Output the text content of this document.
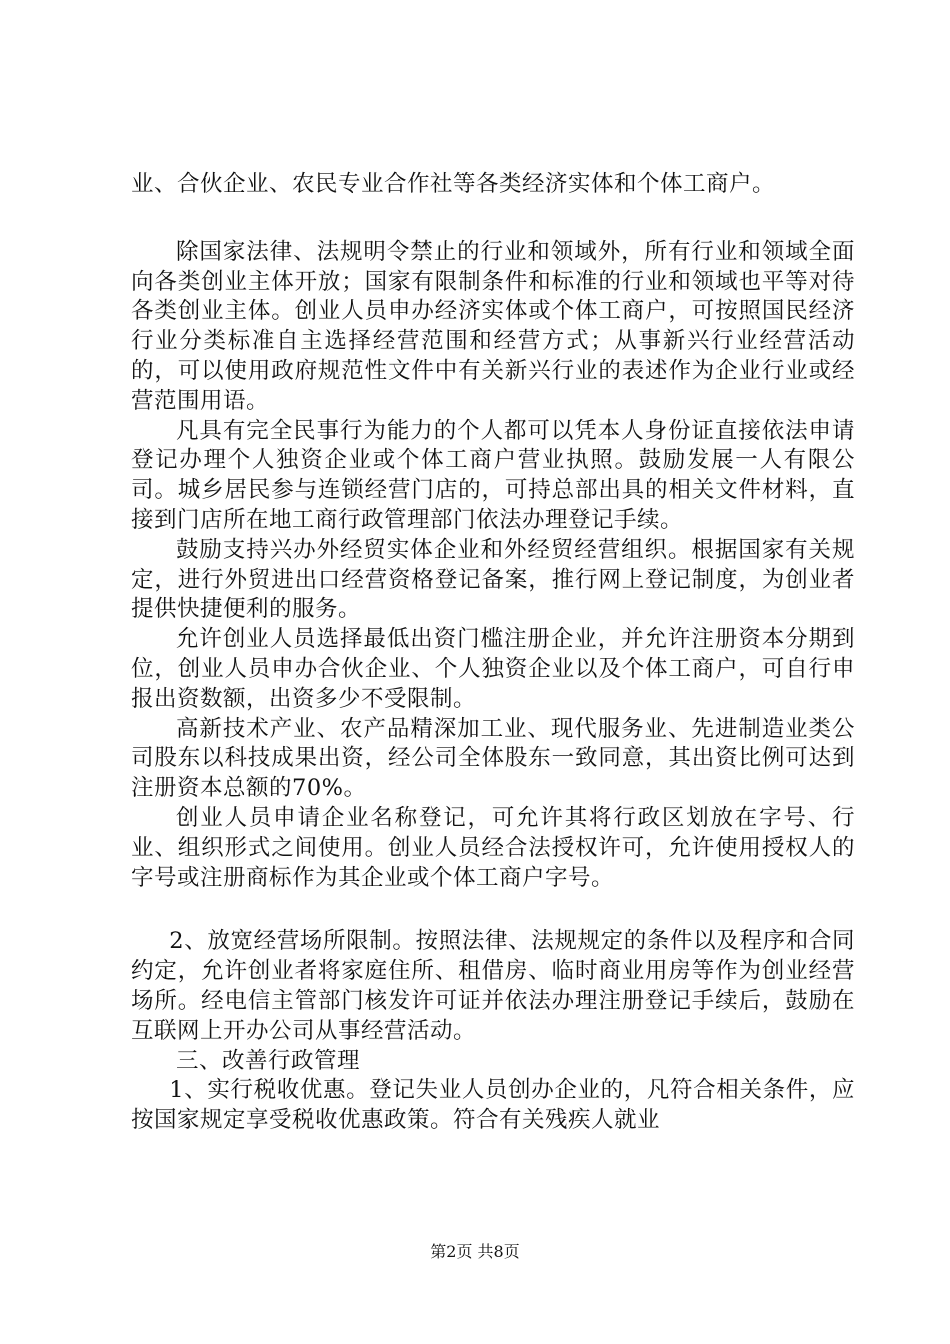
业、合伙企业、农民专业合作社等各类经济实体和个体工商户。

除国家法律、法规明令禁止的行业和领域外，所有行业和领域全面向各类创业主体开放；国家有限制条件和标准的行业和领域也平等对待各类创业主体。创业人员申办经济实体或个体工商户，可按照国民经济行业分类标准自主选择经营范围和经营方式；从事新兴行业经营活动的，可以使用政府规范性文件中有关新兴行业的表述作为企业行业或经营范围用语。

凡具有完全民事行为能力的个人都可以凭本人身份证直接依法申请登记办理个人独资企业或个体工商户营业执照。鼓励发展一人有限公司。城乡居民参与连锁经营门店的，可持总部出具的相关文件材料，直接到门店所在地工商行政管理部门依法办理登记手续。

鼓励支持兴办外经贸实体企业和外经贸经营组织。根据国家有关规定，进行外贸进出口经营资格登记备案，推行网上登记制度，为创业者提供快捷便利的服务。

允许创业人员选择最低出资门槛注册企业，并允许注册资本分期到位，创业人员申办合伙企业、个人独资企业以及个体工商户，可自行申报出资数额，出资多少不受限制。

高新技术产业、农产品精深加工业、现代服务业、先进制造业类公司股东以科技成果出资，经公司全体股东一致同意，其出资比例可达到注册资本总额的70%。

创业人员申请企业名称登记，可允许其将行政区划放在字号、行业、组织形式之间使用。创业人员经合法授权许可，允许使用授权人的字号或注册商标作为其企业或个体工商户字号。

2、放宽经营场所限制。按照法律、法规规定的条件以及程序和合同约定，允许创业者将家庭住所、租借房、临时商业用房等作为创业经营场所。经电信主管部门核发许可证并依法办理注册登记手续后，鼓励在互联网上开办公司从事经营活动。

三、改善行政管理

1、实行税收优惠。登记失业人员创办企业的，凡符合相关条件，应按国家规定享受税收优惠政策。符合有关残疾人就业

第2页 共8页
